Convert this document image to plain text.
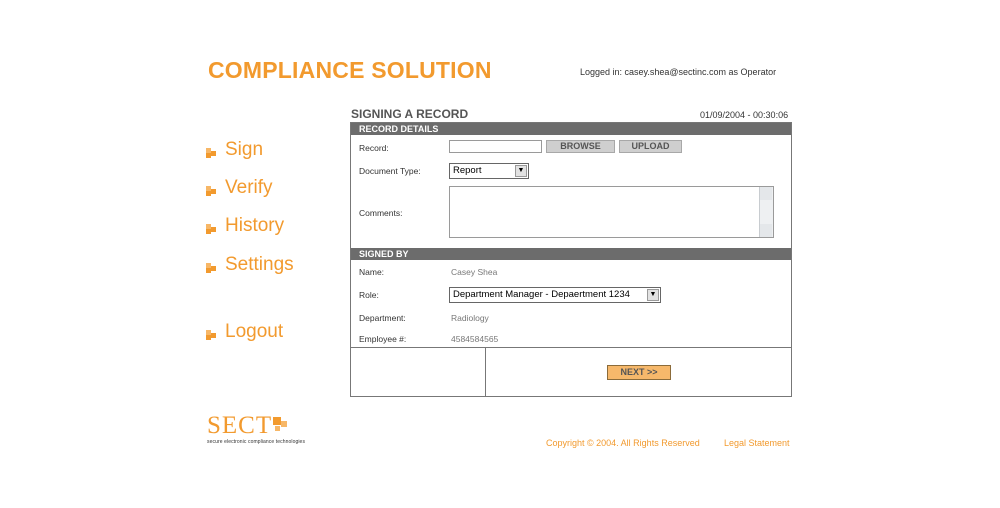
COMPLIANCE SOLUTION	Logged in: casey.shea@sectinc.com as Operator
Sign
Verify
History
Settings
Logout
SIGNING A RECORD	01/09/2004 - 00:30:06
RECORD DETAILS
Record:	BROWSE	UPLOAD
Document Type:	Report	▼
Comments:
SIGNED BY
Name:	Casey Shea
Role:	Department Manager - Depaertment 1234	▼
Department:	Radiology
Employee #:	4584584565
NEXT >>
SECT
secure electronic compliance technologies	Copyright © 2004. All Rights Reserved	Legal Statement
